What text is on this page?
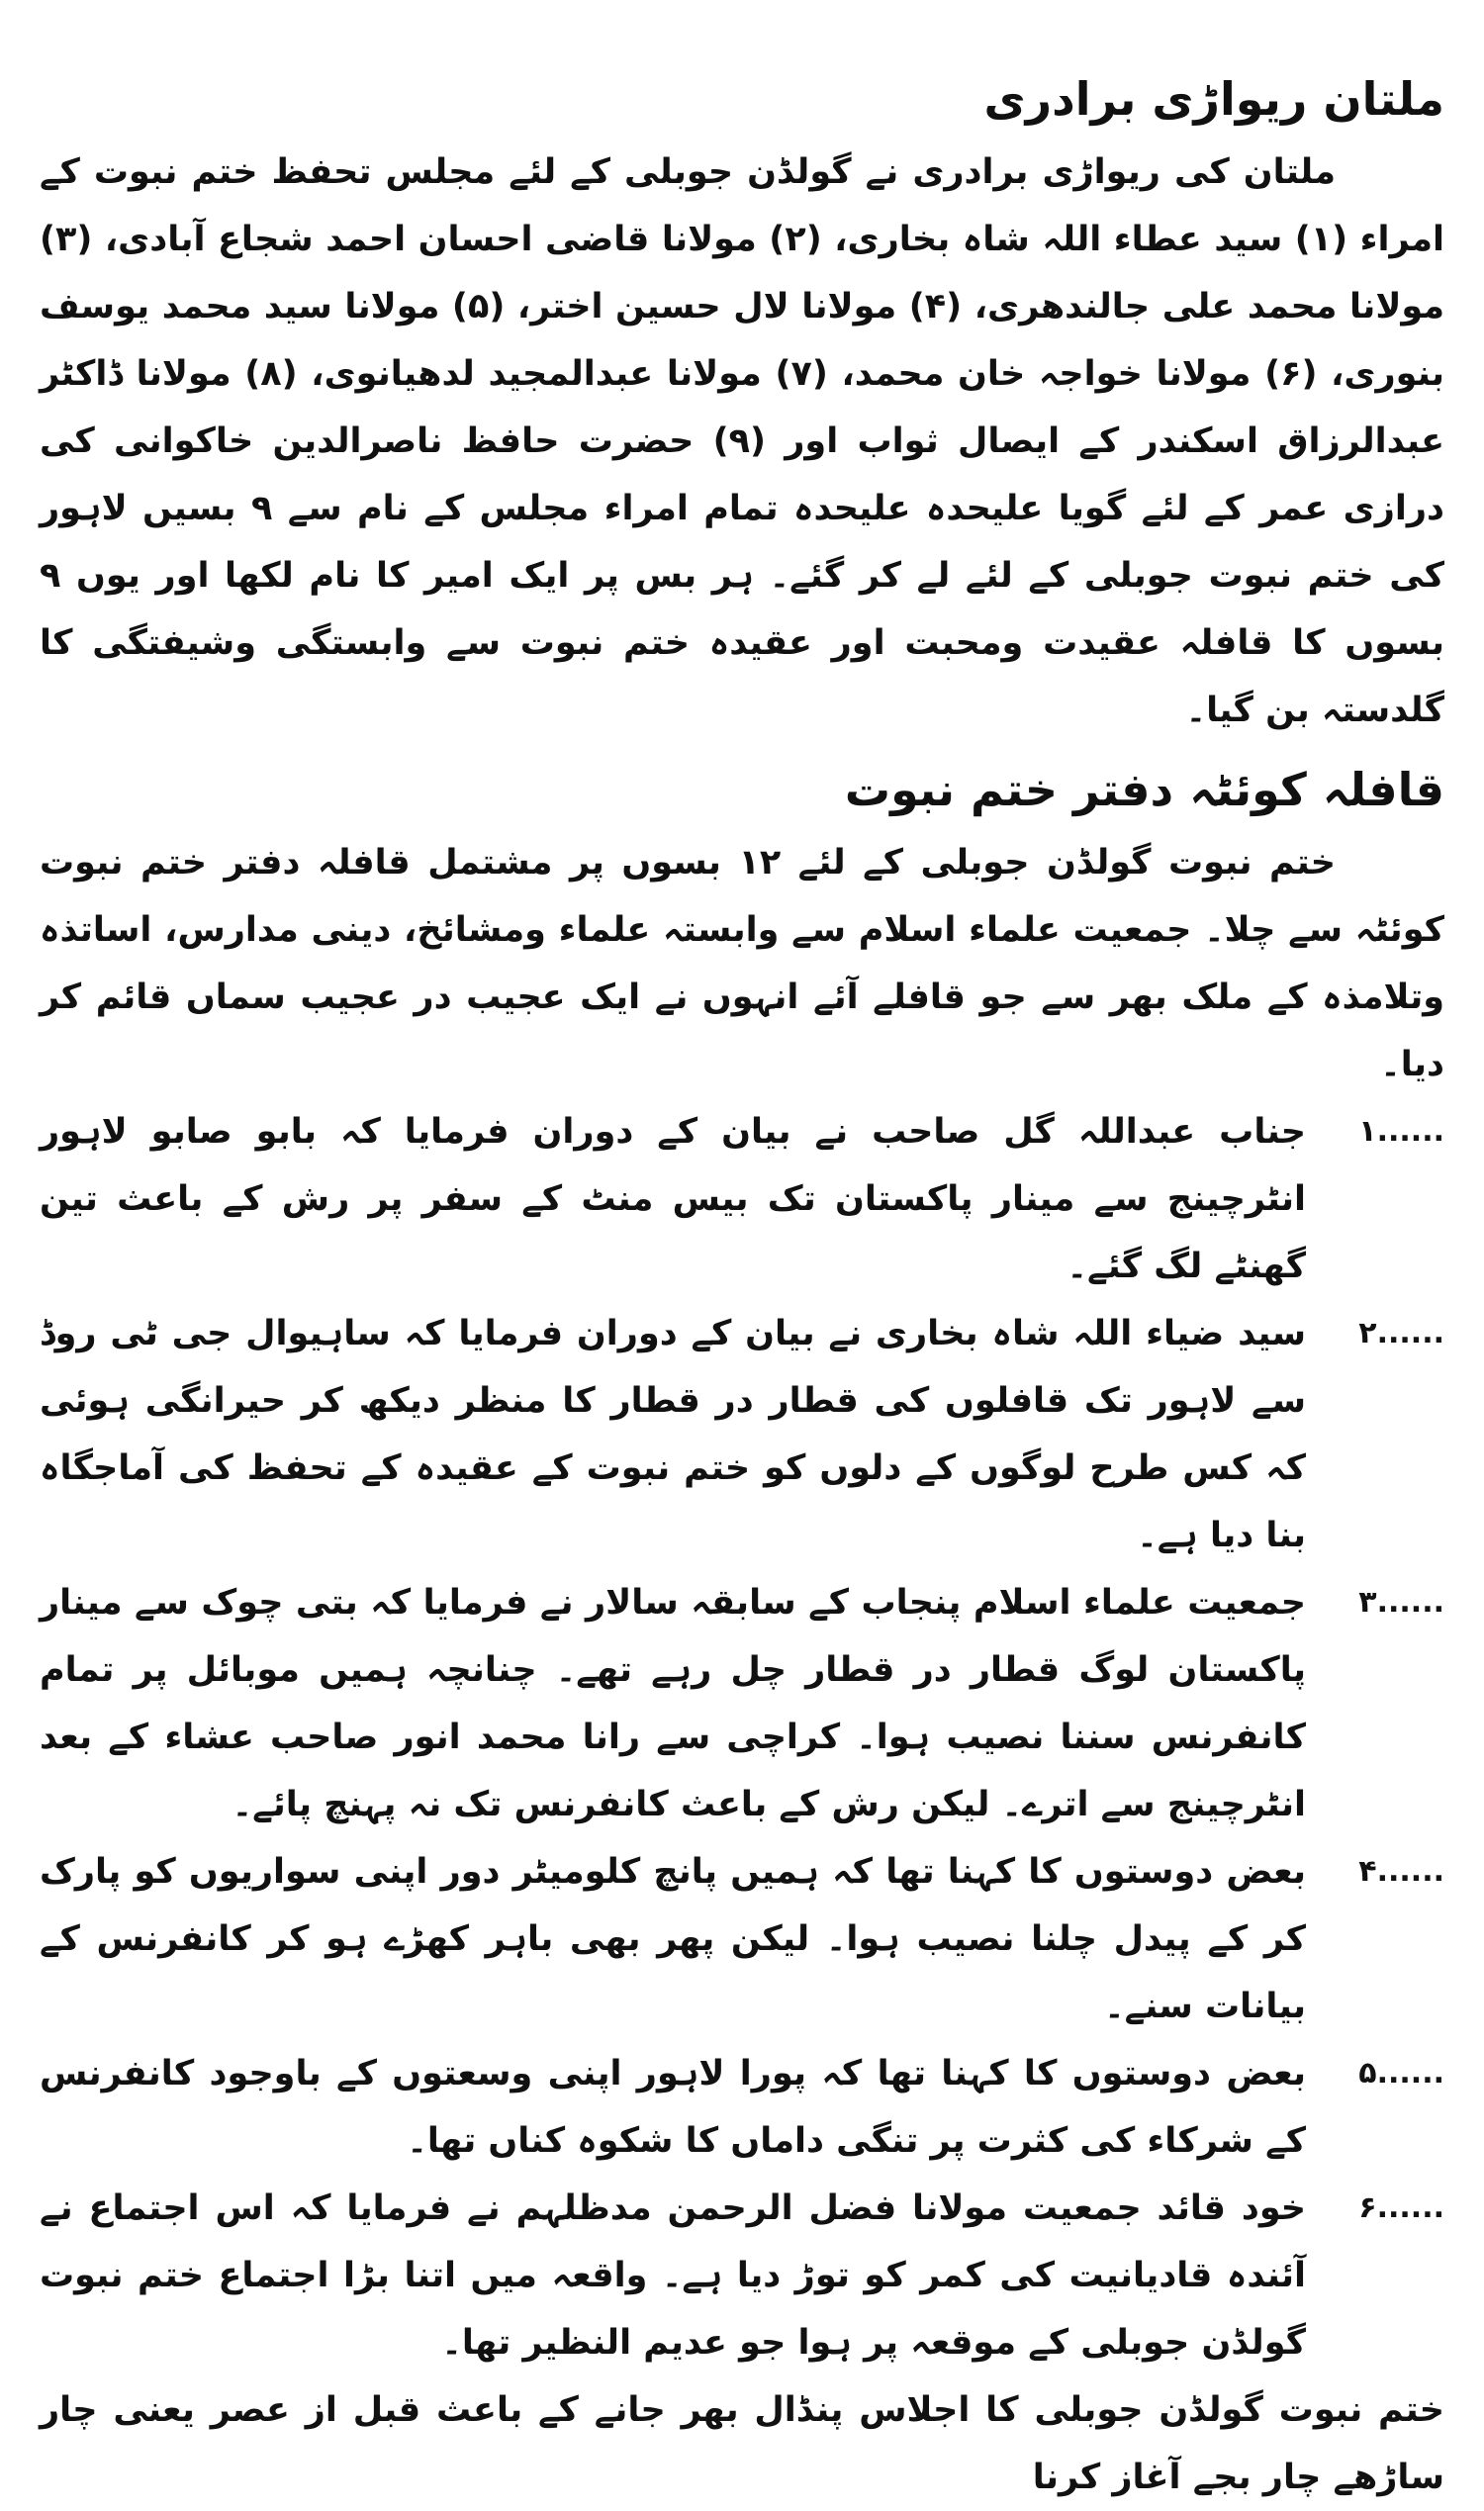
ملتان ریواڑی برادری

ملتان کی ریواڑی برادری نے گولڈن جوبلی کے لئے مجلس تحفظ ختم نبوت کے امراء (۱) سید عطاء اللہ شاہ بخاری، (۲) مولانا قاضی احسان احمد شجاع آبادی، (۳) مولانا محمد علی جالندھری، (۴) مولانا لال حسین اختر، (۵) مولانا سید محمد یوسف بنوری، (۶) مولانا خواجہ خان محمد، (۷) مولانا عبدالمجید لدھیانوی، (۸) مولانا ڈاکٹر عبدالرزاق اسکندر کے ایصال ثواب اور (۹) حضرت حافظ ناصرالدین خاکوانی کی درازی عمر کے لئے گویا علیحدہ علیحدہ تمام امراء مجلس کے نام سے ۹ بسیں لاہور کی ختم نبوت جوبلی کے لئے لے کر گئے۔ ہر بس پر ایک امیر کا نام لکھا اور یوں ۹ بسوں کا قافلہ عقیدت ومحبت اور عقیدہ ختم نبوت سے وابستگی وشیفتگی کا گلدستہ بن گیا۔

قافلہ کوئٹہ دفتر ختم نبوت

ختم نبوت گولڈن جوبلی کے لئے ۱۲ بسوں پر مشتمل قافلہ دفتر ختم نبوت کوئٹہ سے چلا۔ جمعیت علماء اسلام سے وابستہ علماء ومشائخ، دینی مدارس، اساتذہ وتلامذہ کے ملک بھر سے جو قافلے آئے انہوں نے ایک عجیب در عجیب سماں قائم کر دیا۔

۱......
جناب عبداللہ گل صاحب نے بیان کے دوران فرمایا کہ بابو صابو لاہور انٹرچینج سے مینار پاکستان تک بیس منٹ کے سفر پر رش کے باعث تین گھنٹے لگ گئے۔
۲......
سید ضیاء اللہ شاہ بخاری نے بیان کے دوران فرمایا کہ ساہیوال جی ٹی روڈ سے لاہور تک قافلوں کی قطار در قطار کا منظر دیکھ کر حیرانگی ہوئی کہ کس طرح لوگوں کے دلوں کو ختم نبوت کے عقیدہ کے تحفظ کی آماجگاہ بنا دیا ہے۔
۳......
جمعیت علماء اسلام پنجاب کے سابقہ سالار نے فرمایا کہ بتی چوک سے مینار پاکستان لوگ قطار در قطار چل رہے تھے۔ چنانچہ ہمیں موبائل پر تمام کانفرنس سننا نصیب ہوا۔ کراچی سے رانا محمد انور صاحب عشاء کے بعد انٹرچینج سے اترے۔ لیکن رش کے باعث کانفرنس تک نہ پہنچ پائے۔
۴......
بعض دوستوں کا کہنا تھا کہ ہمیں پانچ کلومیٹر دور اپنی سواریوں کو پارک کر کے پیدل چلنا نصیب ہوا۔ لیکن پھر بھی باہر کھڑے ہو کر کانفرنس کے بیانات سنے۔
۵......
بعض دوستوں کا کہنا تھا کہ پورا لاہور اپنی وسعتوں کے باوجود کانفرنس کے شرکاء کی کثرت پر تنگی داماں کا شکوہ کناں تھا۔
۶......
خود قائد جمعیت مولانا فضل الرحمن مدظلہم نے فرمایا کہ اس اجتماع نے آئندہ قادیانیت کی کمر کو توڑ دیا ہے۔ واقعہ میں اتنا بڑا اجتماع ختم نبوت گولڈن جوبلی کے موقعہ پر ہوا جو عدیم النظیر تھا۔

ختم نبوت گولڈن جوبلی کا اجلاس پنڈال بھر جانے کے باعث قبل از عصر یعنی چار ساڑھے چار بجے آغاز کرنا
